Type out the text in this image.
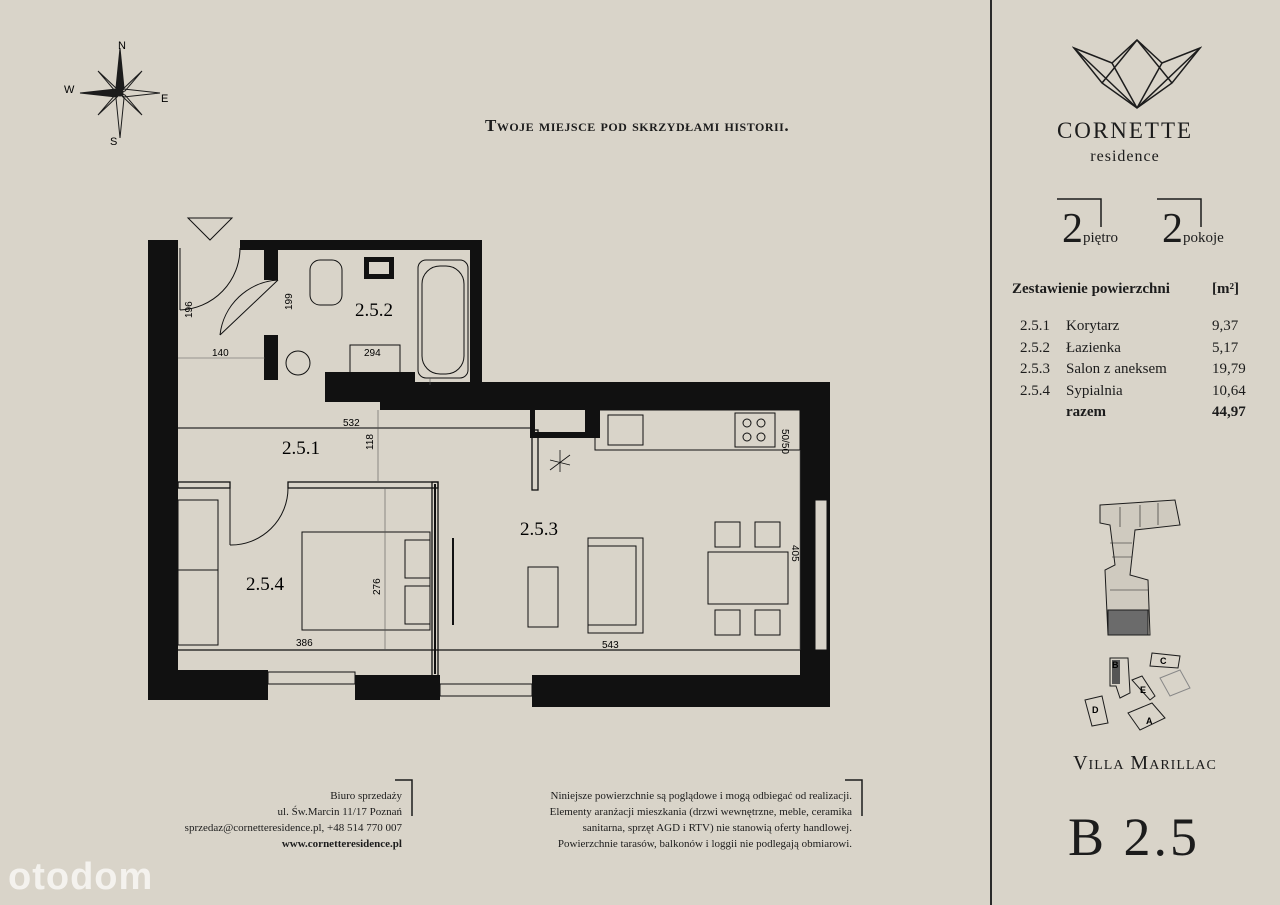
N
W
E
S
Twoje miejsce pod skrzydłami historii.
2.5.2
2.5.1
2.5.3
2.5.4
196	199
140	294
532
118
276
386	543
405
50/50
CORNETTE
residence
2piętro 2pokoje
Zestawienie powierzchni	[m²]
2.5.1 Korytarz	9,37
2.5.2 Łazienka	5,17
2.5.3 Salon z aneksem	19,79
2.5.4 Sypialnia	10,64
razem	44,97
B	C
D
E
A
Villa Marillac
B 2.5
Biuro sprzedaży
ul. Św.Marcin 11/17 Poznań
sprzedaz@cornetteresidence.pl, +48 514 770 007
www.cornetteresidence.pl
Niniejsze powierzchnie są poglądowe i mogą odbiegać od realizacji.
Elementy aranżacji mieszkania (drzwi wewnętrzne, meble, ceramika
sanitarna, sprzęt AGD i RTV) nie stanowią oferty handlowej.
Powierzchnie tarasów, balkonów i loggii nie podlegają obmiarowi.
otodom
